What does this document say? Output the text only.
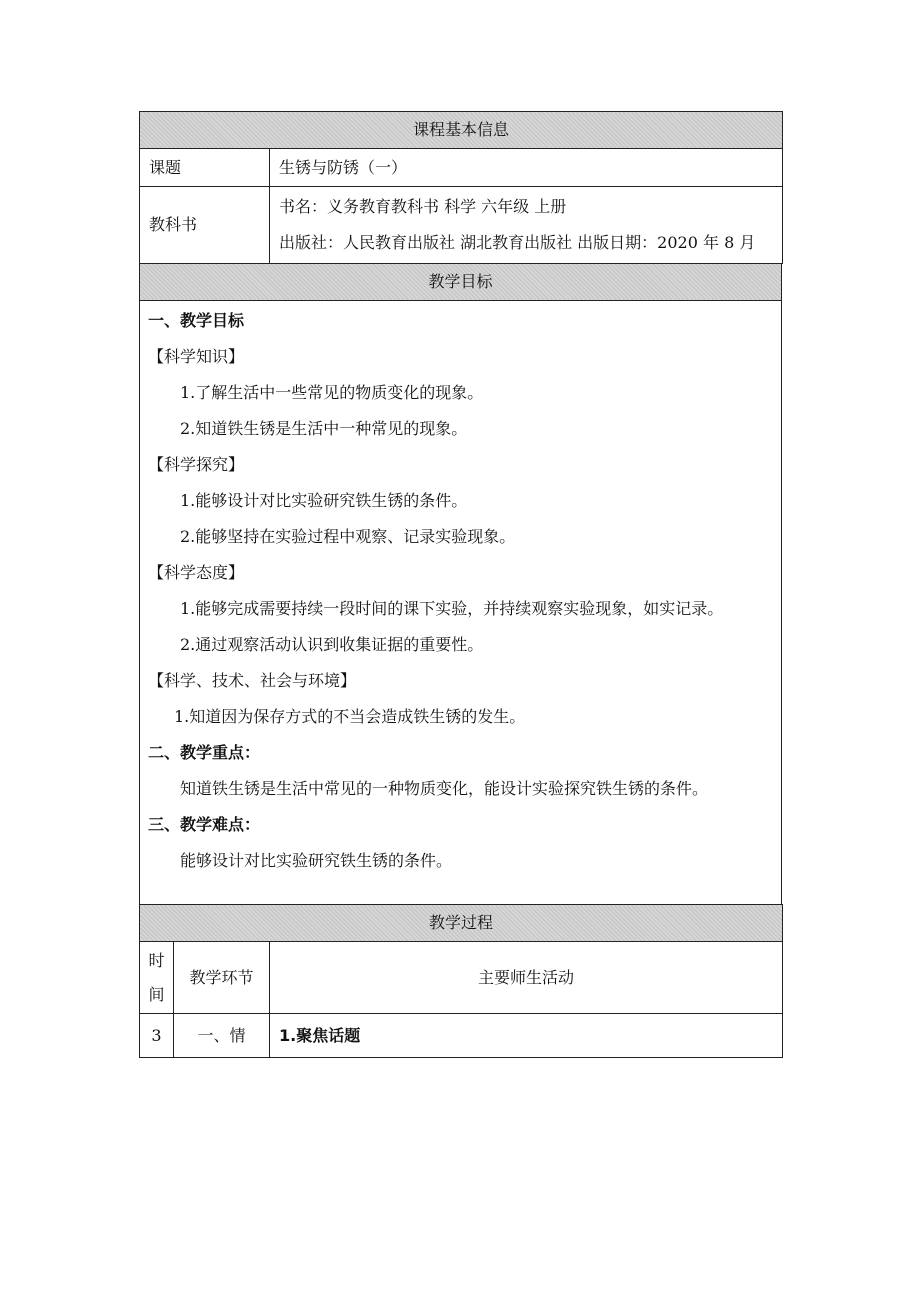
课程基本信息	
课题	生锈与防锈（一）
教科书	书名：义务教育教科书 科学 六年级 上册
出版社：人民教育出版社 湖北教育出版社 出版日期：2020 年 8 月
教学目标

一、教学目标

【科学知识】

1.了解生活中一些常见的物质变化的现象。

2.知道铁生锈是生活中一种常见的现象。

【科学探究】

1.能够设计对比实验研究铁生锈的条件。

2.能够坚持在实验过程中观察、记录实验现象。

【科学态度】

1.能够完成需要持续一段时间的课下实验，并持续观察实验现象，如实记录。

2.通过观察活动认识到收集证据的重要性。

【科学、技术、社会与环境】

1.知道因为保存方式的不当会造成铁生锈的发生。

二、教学重点：

知道铁生锈是生活中常见的一种物质变化，能设计实验探究铁生锈的条件。

三、教学难点：

能够设计对比实验研究铁生锈的条件。

教学过程		
时间	教学环节	主要师生活动
3	一、情	1.聚焦话题
